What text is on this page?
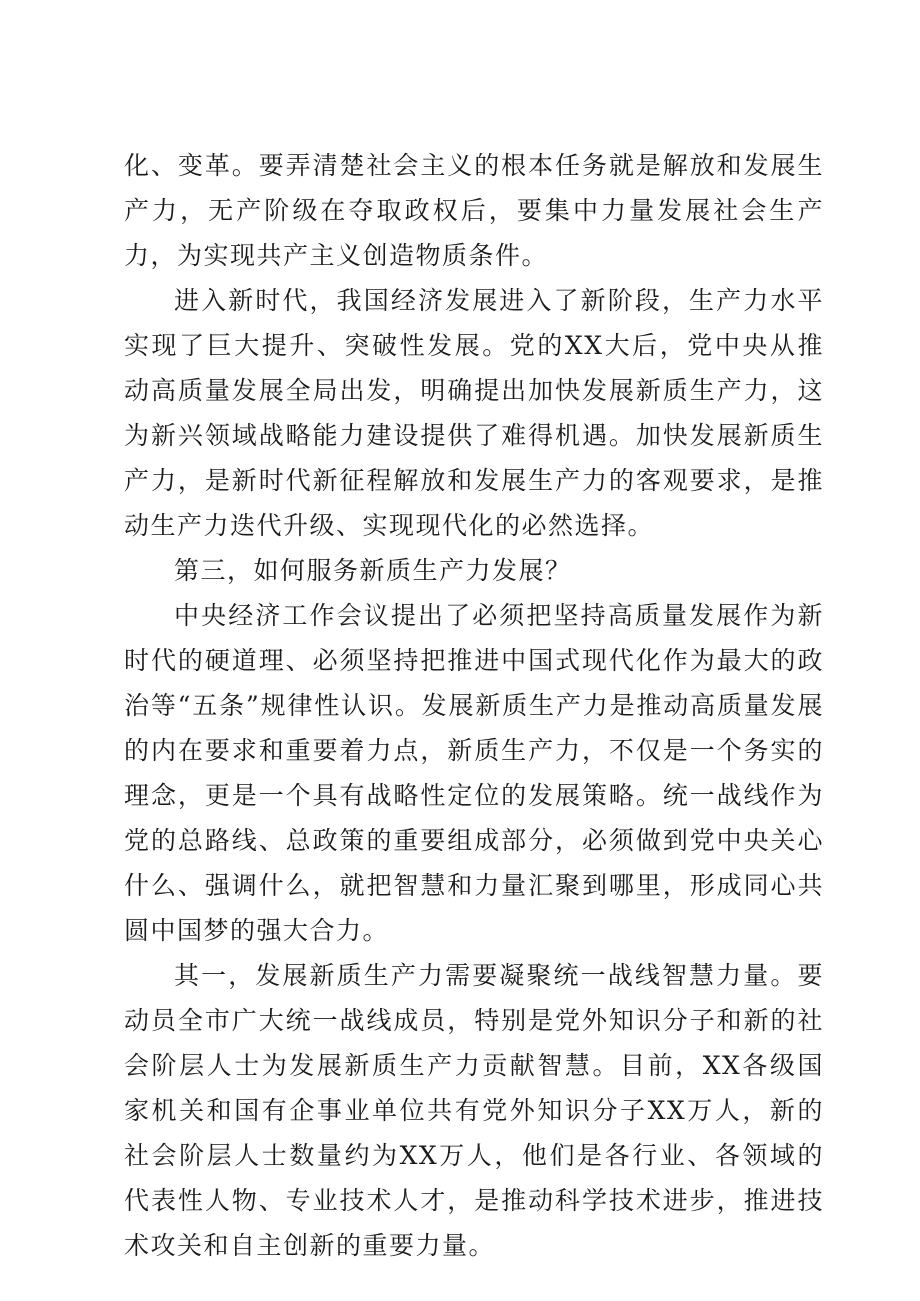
化、变革。要弄清楚社会主义的根本任务就是解放和发展生产力，无产阶级在夺取政权后，要集中力量发展社会生产力，为实现共产主义创造物质条件。

进入新时代，我国经济发展进入了新阶段，生产力水平实现了巨大提升、突破性发展。党的XX大后，党中央从推动高质量发展全局出发，明确提出加快发展新质生产力，这为新兴领域战略能力建设提供了难得机遇。加快发展新质生产力，是新时代新征程解放和发展生产力的客观要求，是推动生产力迭代升级、实现现代化的必然选择。

第三，如何服务新质生产力发展？

中央经济工作会议提出了必须把坚持高质量发展作为新时代的硬道理、必须坚持把推进中国式现代化作为最大的政治等“五条”规律性认识。发展新质生产力是推动高质量发展的内在要求和重要着力点，新质生产力，不仅是一个务实的理念，更是一个具有战略性定位的发展策略。统一战线作为党的总路线、总政策的重要组成部分，必须做到党中央关心什么、强调什么，就把智慧和力量汇聚到哪里，形成同心共圆中国梦的强大合力。

其一，发展新质生产力需要凝聚统一战线智慧力量。要动员全市广大统一战线成员，特别是党外知识分子和新的社会阶层人士为发展新质生产力贡献智慧。目前，XX各级国家机关和国有企事业单位共有党外知识分子XX万人，新的社会阶层人士数量约为XX万人，他们是各行业、各领域的代表性人物、专业技术人才，是推动科学技术进步，推进技术攻关和自主创新的重要力量。
